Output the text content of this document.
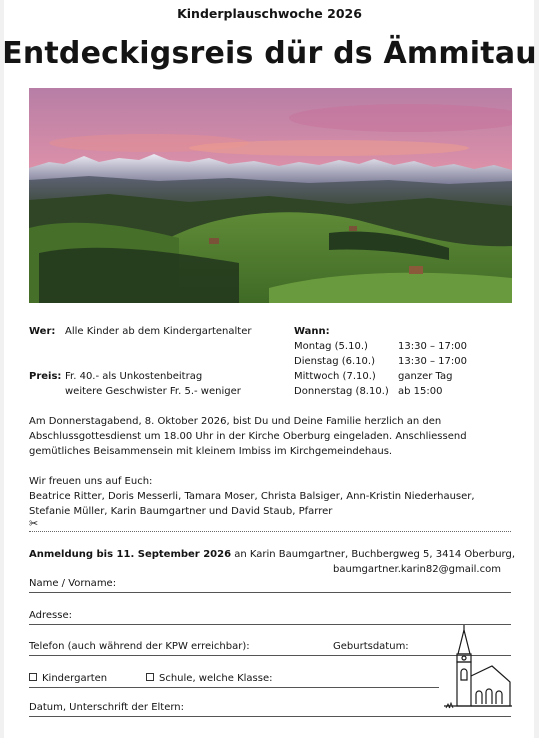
Kinderplauschwoche 2026
Entdeckigsreis dür ds Ämmitau
Wer: Alle Kinder ab dem Kindergartenalter
Preis: Fr. 40.- als Unkostenbeitrag
weitere Geschwister Fr. 5.- weniger
Wann:
Montag (5.10.)	13:30 – 17:00
Dienstag (6.10.) 13:30 – 17:00
Mittwoch (7.10.) ganzer Tag
Donnerstag (8.10.) ab 15:00
Am Donnerstagabend, 8. Oktober 2026, bist Du und Deine Familie herzlich an den
Abschlussgottesdienst um 18.00 Uhr in der Kirche Oberburg eingeladen. Anschliessend
gemütliches Beisammensein mit kleinem Imbiss im Kirchgemeindehaus.
Wir freuen uns auf Euch:
Beatrice Ritter, Doris Messerli, Tamara Moser, Christa Balsiger, Ann-Kristin Niederhauser,
Stefanie Müller, Karin Baumgartner und David Staub, Pfarrer
✂
Anmeldung bis 11. September 2026 an Karin Baumgartner, Buchbergweg 5, 3414 Oberburg,
baumgartner.karin82@gmail.com
Name / Vorname:
Adresse:
Telefon (auch während der KPW erreichbar):	Geburtsdatum:
Kindergarten	Schule, welche Klasse:
Datum, Unterschrift der Eltern:
